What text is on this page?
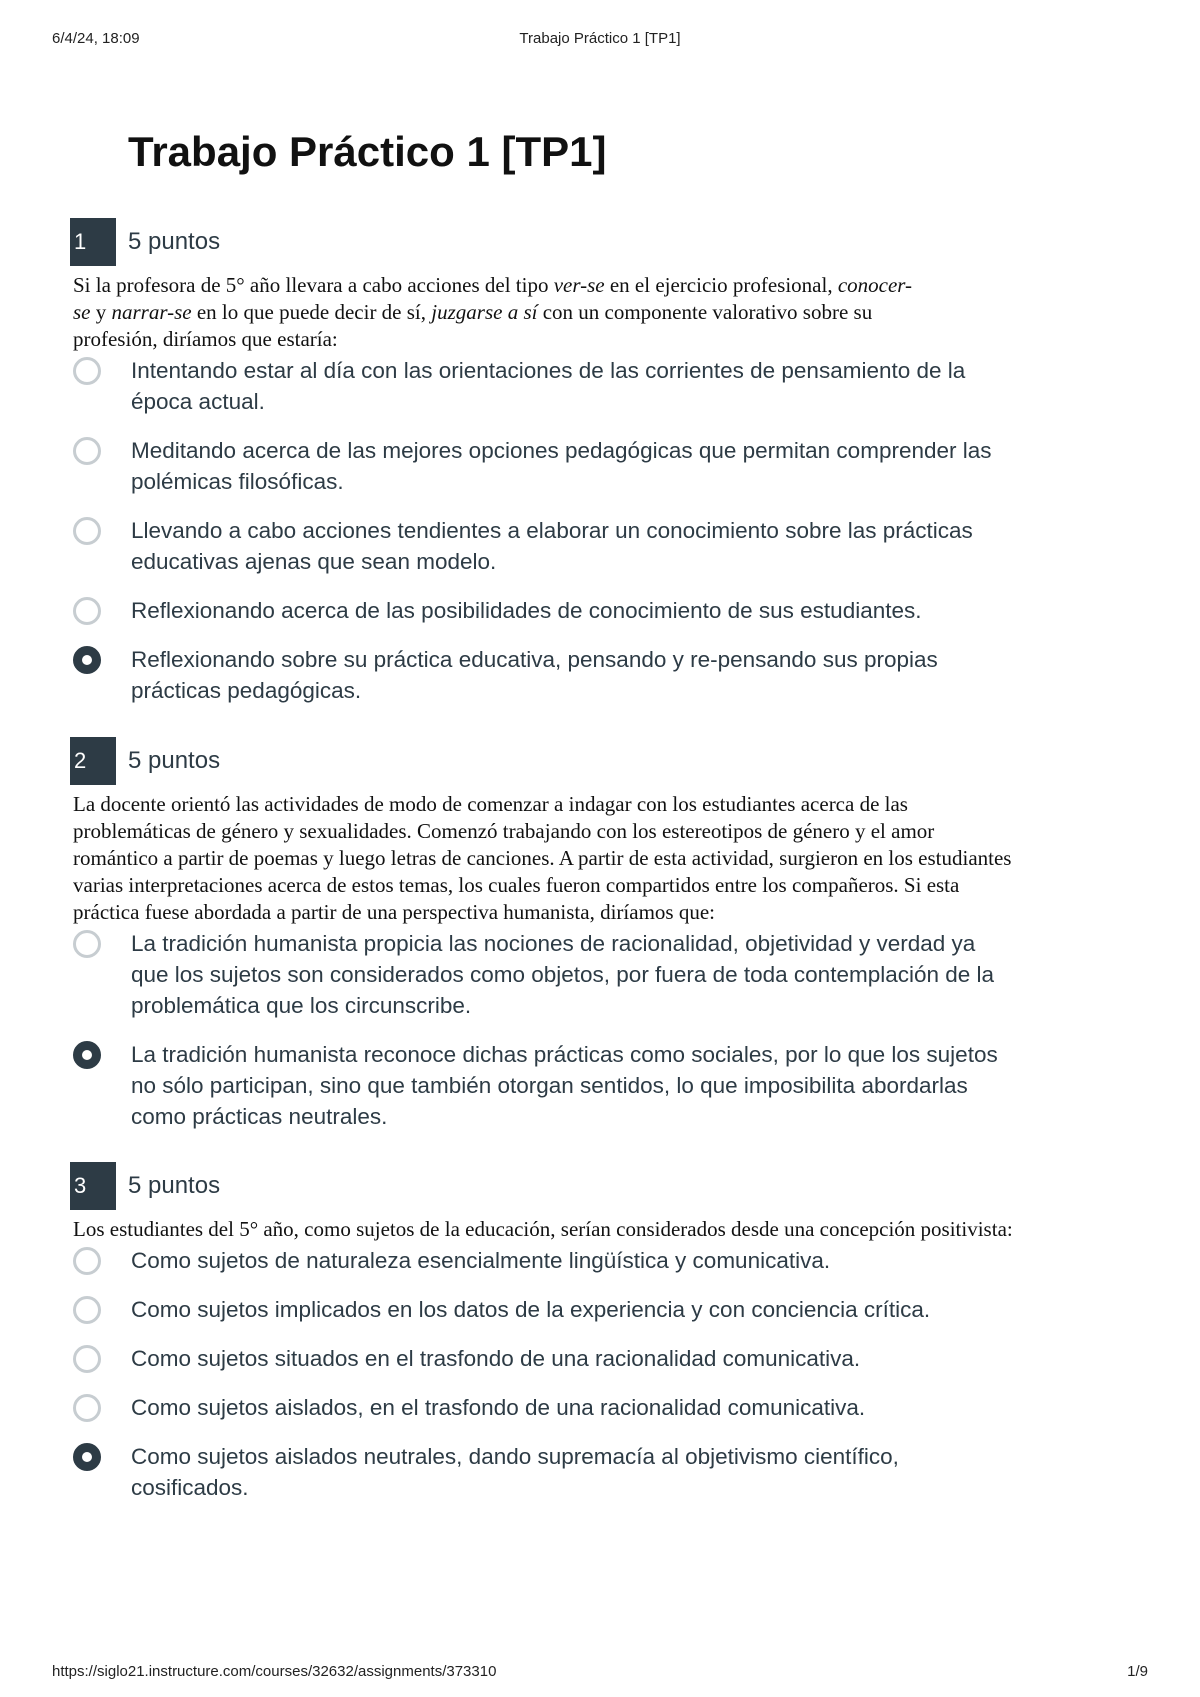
6/4/24, 18:09	Trabajo Práctico 1 [TP1]
Trabajo Práctico 1 [TP1]
1	5 puntos
Si la profesora de 5° año llevara a cabo acciones del tipo ver-se en el ejercicio profesional, conocer-se y narrar-se en lo que puede decir de sí, juzgarse a sí con un componente valorativo sobre su profesión, diríamos que estaría:
Intentando estar al día con las orientaciones de las corrientes de pensamiento de la época actual.
Meditando acerca de las mejores opciones pedagógicas que permitan comprender las polémicas filosóficas.
Llevando a cabo acciones tendientes a elaborar un conocimiento sobre las prácticas educativas ajenas que sean modelo.
Reflexionando acerca de las posibilidades de conocimiento de sus estudiantes.
Reflexionando sobre su práctica educativa, pensando y re-pensando sus propias prácticas pedagógicas.
2	5 puntos
La docente orientó las actividades de modo de comenzar a indagar con los estudiantes acerca de las problemáticas de género y sexualidades. Comenzó trabajando con los estereotipos de género y el amor romántico a partir de poemas y luego letras de canciones. A partir de esta actividad, surgieron en los estudiantes varias interpretaciones acerca de estos temas, los cuales fueron compartidos entre los compañeros. Si esta práctica fuese abordada a partir de una perspectiva humanista, diríamos que:
La tradición humanista propicia las nociones de racionalidad, objetividad y verdad ya que los sujetos son considerados como objetos, por fuera de toda contemplación de la problemática que los circunscribe.
La tradición humanista reconoce dichas prácticas como sociales, por lo que los sujetos no sólo participan, sino que también otorgan sentidos, lo que imposibilita abordarlas como prácticas neutrales.
3	5 puntos
Los estudiantes del 5° año, como sujetos de la educación, serían considerados desde una concepción positivista:
Como sujetos de naturaleza esencialmente lingüística y comunicativa.
Como sujetos implicados en los datos de la experiencia y con conciencia crítica.
Como sujetos situados en el trasfondo de una racionalidad comunicativa.
Como sujetos aislados, en el trasfondo de una racionalidad comunicativa.
Como sujetos aislados neutrales, dando supremacía al objetivismo científico, cosificados.
https://siglo21.instructure.com/courses/32632/assignments/373310	1/9
